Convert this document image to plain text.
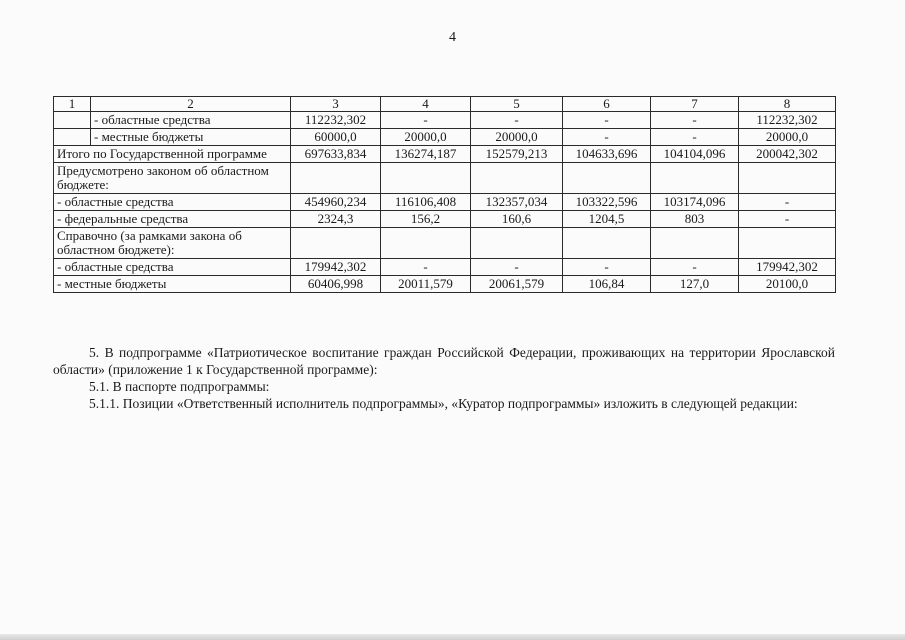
4
1	2	3	4	5	6	7	8
	- областные средства	112232,302	-	-	-	-	112232,302
	- местные бюджеты	60000,0	20000,0	20000,0	-	-	20000,0
Итого по Государственной программе		697633,834	136274,187	152579,213	104633,696	104104,096	200042,302
Предусмотрено законом об областном бюджете:							
- областные средства		454960,234	116106,408	132357,034	103322,596	103174,096	-
- федеральные средства		2324,3	156,2	160,6	1204,5	803	-
Справочно (за рамками закона об областном бюджете):							
- областные средства		179942,302	-	-	-	-	179942,302
- местные бюджеты		60406,998	20011,579	20061,579	106,84	127,0	20100,0

5. В подпрограмме «Патриотическое воспитание граждан Российской Федерации, проживающих на территории Ярославской области» (приложение 1 к Государственной программе):

5.1. В паспорте подпрограммы:

5.1.1. Позиции «Ответственный исполнитель подпрограммы», «Куратор подпрограммы» изложить в следующей редакции:
